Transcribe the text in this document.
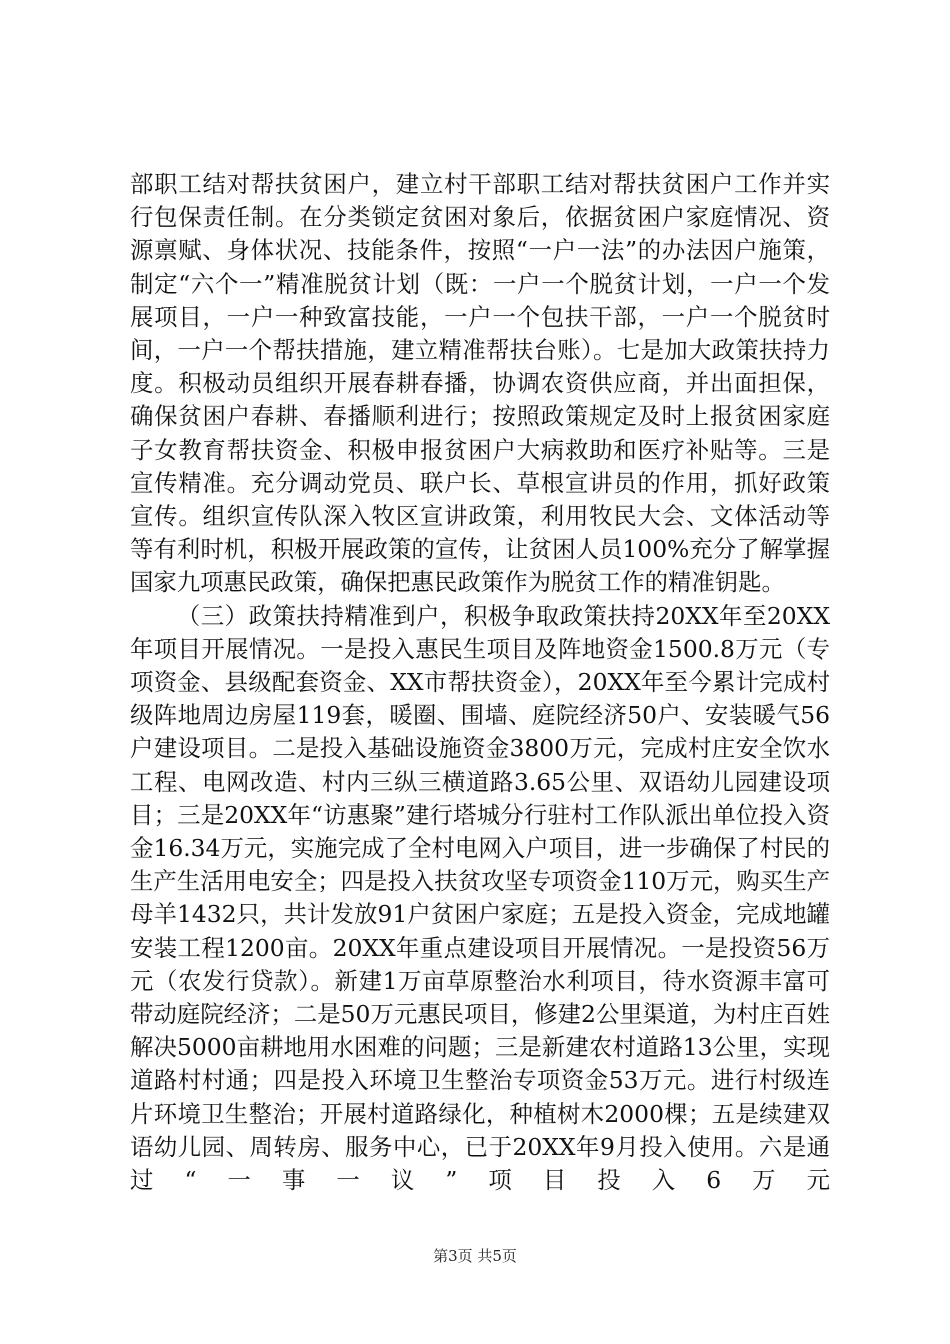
部职工结对帮扶贫困户，建立村干部职工结对帮扶贫困户工作并实行包保责任制。在分类锁定贫困对象后，依据贫困户家庭情况、资源禀赋、身体状况、技能条件，按照“一户一法”的办法因户施策，制定“六个一”精准脱贫计划（既：一户一个脱贫计划，一户一个发展项目，一户一种致富技能，一户一个包扶干部，一户一个脱贫时间，一户一个帮扶措施，建立精准帮扶台账）。七是加大政策扶持力度。积极动员组织开展春耕春播，协调农资供应商，并出面担保，确保贫困户春耕、春播顺利进行；按照政策规定及时上报贫困家庭子女教育帮扶资金、积极申报贫困户大病救助和医疗补贴等。三是宣传精准。充分调动党员、联户长、草根宣讲员的作用，抓好政策宣传。组织宣传队深入牧区宣讲政策，利用牧民大会、文体活动等等有利时机，积极开展政策的宣传，让贫困人员100%充分了解掌握国家九项惠民政策，确保把惠民政策作为脱贫工作的精准钥匙。

（三）政策扶持精准到户，积极争取政策扶持20XX年至20XX年项目开展情况。一是投入惠民生项目及阵地资金1500.8万元（专项资金、县级配套资金、XX市帮扶资金），20XX年至今累计完成村级阵地周边房屋119套，暖圈、围墙、庭院经济50户、安装暖气56户建设项目。二是投入基础设施资金3800万元，完成村庄安全饮水工程、电网改造、村内三纵三横道路3.65公里、双语幼儿园建设项目；三是20XX年“访惠聚”建行塔城分行驻村工作队派出单位投入资金16.34万元，实施完成了全村电网入户项目，进一步确保了村民的生产生活用电安全；四是投入扶贫攻坚专项资金110万元，购买生产母羊1432只，共计发放91户贫困户家庭；五是投入资金，完成地罐安装工程1200亩。20XX年重点建设项目开展情况。一是投资56万元（农发行贷款）。新建1万亩草原整治水利项目，待水资源丰富可带动庭院经济；二是50万元惠民项目，修建2公里渠道，为村庄百姓解决5000亩耕地用水困难的问题；三是新建农村道路13公里，实现道路村村通；四是投入环境卫生整治专项资金53万元。进行村级连片环境卫生整治；开展村道路绿化，种植树木2000棵；五是续建双语幼儿园、周转房、服务中心，已于20XX年9月投入使用。六是通过“一事一议”项目投入6万元

第3页 共5页
